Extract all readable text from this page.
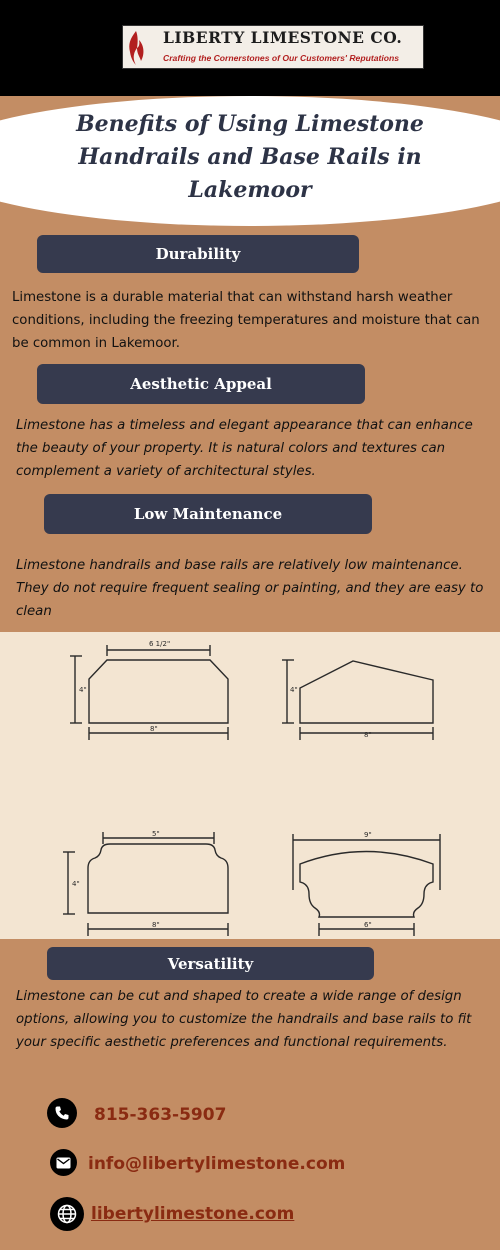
LIBERTY LIMESTONE CO.
Crafting the Cornerstones of Our Customers' Reputations
Benefits of Using Limestone Handrails and Base Rails in Lakemoor
Durability
Limestone is a durable material that can withstand harsh weather conditions, including the freezing temperatures and moisture that can be common in Lakemoor.
Aesthetic Appeal
Limestone has a timeless and elegant appearance that can enhance the beauty of your property. It is natural colors and textures can complement a variety of architectural styles.
Low Maintenance
Limestone handrails and base rails are relatively low maintenance. They do not require frequent sealing or painting, and they are easy to clean
6 1/2"
8"
4"
8"
4"
5"
8"
4"
9"
6"
Versatility
Limestone can be cut and shaped to create a wide range of design options, allowing you to customize the handrails and base rails to fit your specific aesthetic preferences and functional requirements.
815-363-5907
info@libertylimestone.com
libertylimestone.com
